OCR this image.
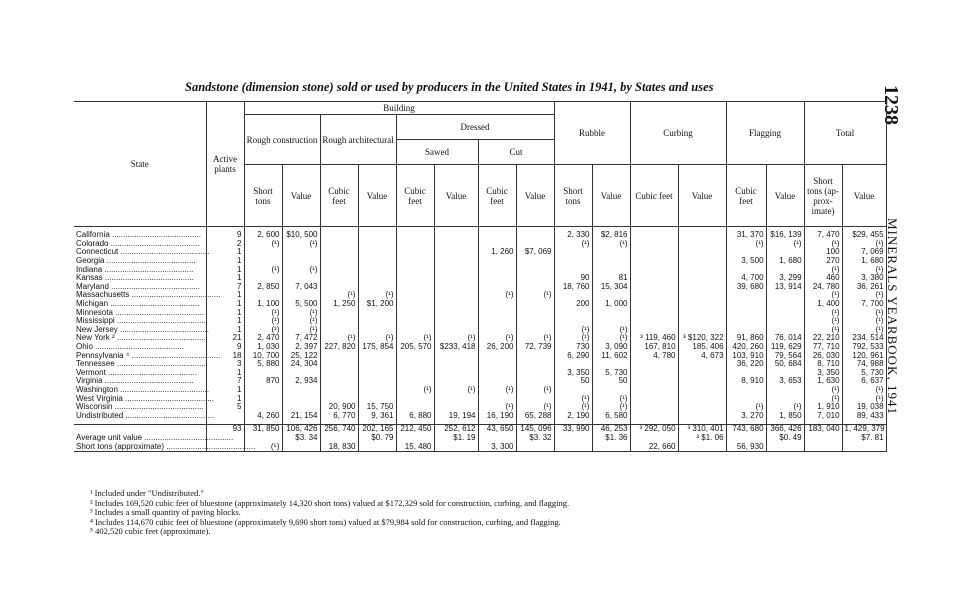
Sandstone (dimension stone) sold or used by producers in the United States in 1941, by States and uses	1238
MINERALS YEARBOOK, 1941
State	Active plants	Building								Rubble		Curbing		Flagging		Total	
		Rough construction		Rough architectural		Dressed											
						Sawed		Cut									
		Short tons	Value	Cubic feet	Value	Cubic feet	Value	Cubic feet	Value	Short tons	Value	Cubic feet	Value	Cubic feet	Value	Short tons (ap-prox-imate)	Value

California ........................................	9	2, 600	$10, 500							2, 330	$2, 816			31, 370	$16, 139	7, 470	$29, 455
Colorado ........................................	2	(¹)	(¹)							(¹)	(¹)			(¹)	(¹)	(¹)	(¹)
Connecticut ........................................	1							1, 260	$7, 069							100	7, 069
Georgia ........................................	1													3, 500	1, 680	270	1, 680
Indiana ........................................	1	(¹)	(¹)													(¹)	(¹)
Kansas ........................................	1									90	81			4, 700	3, 299	460	3, 380
Maryland ........................................	7	2, 850	7, 043							18, 760	15, 304			39, 680	13, 914	24, 780	36, 261
Massachusetts ........................................	1			(¹)	(¹)			(¹)	(¹)							(¹)	(¹)
Michigan ........................................	1	1, 100	5, 500	1, 250	$1, 200					200	1, 000					1, 400	7, 700
Minnesota ........................................	1	(¹)	(¹)													(¹)	(¹)
Mississippi ........................................	1	(¹)	(¹)													(¹)	(¹)
New Jersey ........................................	1	(¹)	(¹)							(¹)	(¹)					(¹)	(¹)
New York ² ........................................	21	2, 470	7, 472	(¹)	(¹)	(¹)	(¹)	(¹)	(¹)	(¹)	(¹)	³ 119, 460	³ $120, 322	91, 860	76, 014	22, 210	234, 514
Ohio ........................................	9	1, 030	2, 397	227, 820	175, 854	205, 570	$233, 418	26, 200	72, 739	730	3, 090	167, 810	185, 406	420, 260	119, 629	77, 710	792, 533
Pennsylvania ⁴ ........................................	18	10, 700	25, 122							6, 290	11, 602	4, 780	4, 673	103, 910	79, 564	26, 030	120, 961
Tennessee ........................................	3	5, 880	24, 304											36, 220	50, 684	8, 710	74, 988
Vermont ........................................	1									3, 350	5, 730					3, 350	5, 730
Virginia ........................................	7	870	2, 934							50	50			8, 910	3, 653	1, 630	6, 637
Washington ........................................	1					(¹)	(¹)	(¹)	(¹)							(¹)	(¹)
West Virginia ........................................	1									(¹)	(¹)					(¹)	(¹)
Wisconsin ........................................	5			20, 900	15, 750			(¹)	(¹)	(¹)	(¹)			(¹)	(¹)	1, 910	19, 038
Undistributed ........................................		4, 260	21, 154	6, 770	9, 361	6, 880	19, 194	16, 190	65, 288	2, 190	6, 580			3, 270	1, 850	7, 010	89, 433

	93	31, 850	106, 426	256, 740	202, 165	212, 450	252, 612	43, 650	145, 096	33, 990	46, 253	³ 292, 050	³ 310, 401	743, 680	366, 426	183, 040	1, 429, 379
Average unit value ........................................			$3. 34		$0. 79		$1. 19		$3. 32		$1. 36		³ $1. 06		$0. 49		$7. 81
Short tons (approximate) ........................................		(⁵)		18, 830		15, 480		3, 300				22, 660		56, 930			
¹ Included under "Undistributed."
² Includes 169,520 cubic feet of bluestone (approximately 14,320 short tons) valued at $172,329 sold for construction, curbing, and flagging.
³ Includes a small quantity of paving blocks.
⁴ Includes 114,670 cubic feet of bluestone (approximately 9,690 short tons) valued at $79,984 sold for construction, curbing, and flagging.
⁵ 402,520 cubic feet (approximate).
